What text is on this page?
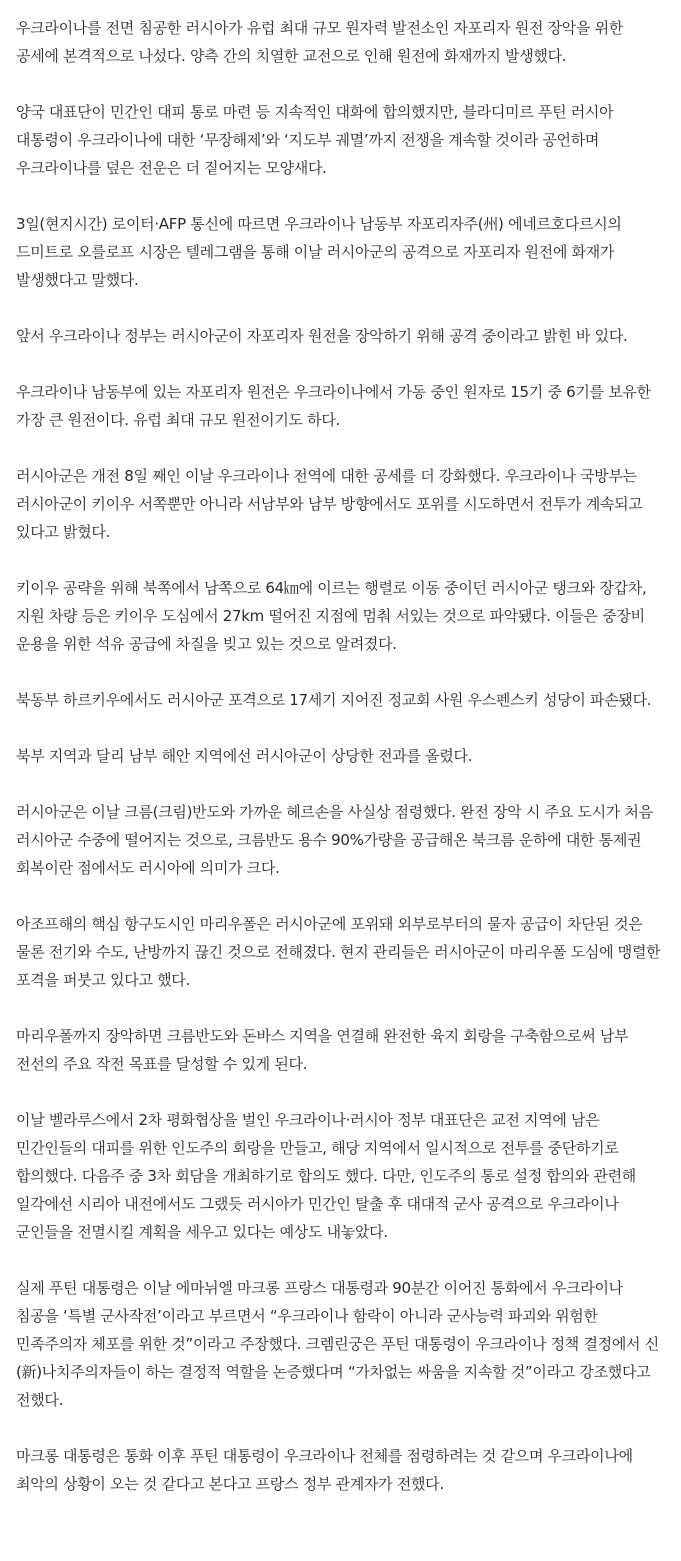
우크라이나를 전면 침공한 러시아가 유럽 최대 규모 원자력 발전소인 자포리자 원전 장악을 위한 공세에 본격적으로 나섰다. 양측 간의 치열한 교전으로 인해 원전에 화재까지 발생했다.

양국 대표단이 민간인 대피 통로 마련 등 지속적인 대화에 합의했지만, 블라디미르 푸틴 러시아 대통령이 우크라이나에 대한 ‘무장해제’와 ‘지도부 궤멸’까지 전쟁을 계속할 것이라 공언하며 우크라이나를 덮은 전운은 더 짙어지는 모양새다.

3일(현지시간) 로이터·AFP 통신에 따르면 우크라이나 남동부 자포리자주(州) 에네르호다르시의 드미트로 오를로프 시장은 텔레그램을 통해 이날 러시아군의 공격으로 자포리자 원전에 화재가 발생했다고 말했다.

앞서 우크라이나 정부는 러시아군이 자포리자 원전을 장악하기 위해 공격 중이라고 밝힌 바 있다.

우크라이나 남동부에 있는 자포리자 원전은 우크라이나에서 가동 중인 원자로 15기 중 6기를 보유한 가장 큰 원전이다. 유럽 최대 규모 원전이기도 하다.

러시아군은 개전 8일 째인 이날 우크라이나 전역에 대한 공세를 더 강화했다. 우크라이나 국방부는 러시아군이 키이우 서쪽뿐만 아니라 서남부와 남부 방향에서도 포위를 시도하면서 전투가 계속되고 있다고 밝혔다.

키이우 공략을 위해 북쪽에서 남쪽으로 64㎞에 이르는 행렬로 이동 중이던 러시아군 탱크와 장갑차, 지원 차량 등은 키이우 도심에서 27km 떨어진 지점에 멈춰 서있는 것으로 파악됐다. 이들은 중장비 운용을 위한 석유 공급에 차질을 빚고 있는 것으로 알려졌다.

북동부 하르키우에서도 러시아군 포격으로 17세기 지어진 정교회 사원 우스펜스키 성당이 파손됐다.

북부 지역과 달리 남부 해안 지역에선 러시아군이 상당한 전과를 올렸다.

러시아군은 이날 크름(크림)반도와 가까운 헤르손을 사실상 점령했다. 완전 장악 시 주요 도시가 처음 러시아군 수중에 떨어지는 것으로, 크름반도 용수 90%가량을 공급해온 북크름 운하에 대한 통제권 회복이란 점에서도 러시아에 의미가 크다.

아조프해의 핵심 항구도시인 마리우폴은 러시아군에 포위돼 외부로부터의 물자 공급이 차단된 것은 물론 전기와 수도, 난방까지 끊긴 것으로 전해졌다. 현지 관리들은 러시아군이 마리우폴 도심에 맹렬한 포격을 퍼붓고 있다고 했다.

마리우폴까지 장악하면 크름반도와 돈바스 지역을 연결해 완전한 육지 회랑을 구축함으로써 남부 전선의 주요 작전 목표를 달성할 수 있게 된다.

이날 벨라루스에서 2차 평화협상을 벌인 우크라이나·러시아 정부 대표단은 교전 지역에 남은 민간인들의 대피를 위한 인도주의 회랑을 만들고, 해당 지역에서 일시적으로 전투를 중단하기로 합의했다. 다음주 중 3차 회담을 개최하기로 합의도 했다. 다만, 인도주의 통로 설정 합의와 관련해 일각에선 시리아 내전에서도 그랬듯 러시아가 민간인 탈출 후 대대적 군사 공격으로 우크라이나 군인들을 전멸시킬 계획을 세우고 있다는 예상도 내놓았다.

실제 푸틴 대통령은 이날 에마뉘엘 마크롱 프랑스 대통령과 90분간 이어진 통화에서 우크라이나 침공을 ‘특별 군사작전’이라고 부르면서 “우크라이나 함락이 아니라 군사능력 파괴와 위험한 민족주의자 체포를 위한 것”이라고 주장했다. 크렘린궁은 푸틴 대통령이 우크라이나 정책 결정에서 신(新)나치주의자들이 하는 결정적 역할을 논증했다며 “가차없는 싸움을 지속할 것”이라고 강조했다고 전했다.

마크롱 대통령은 통화 이후 푸틴 대통령이 우크라이나 전체를 점령하려는 것 같으며 우크라이나에 최악의 상황이 오는 것 같다고 본다고 프랑스 정부 관계자가 전했다.
